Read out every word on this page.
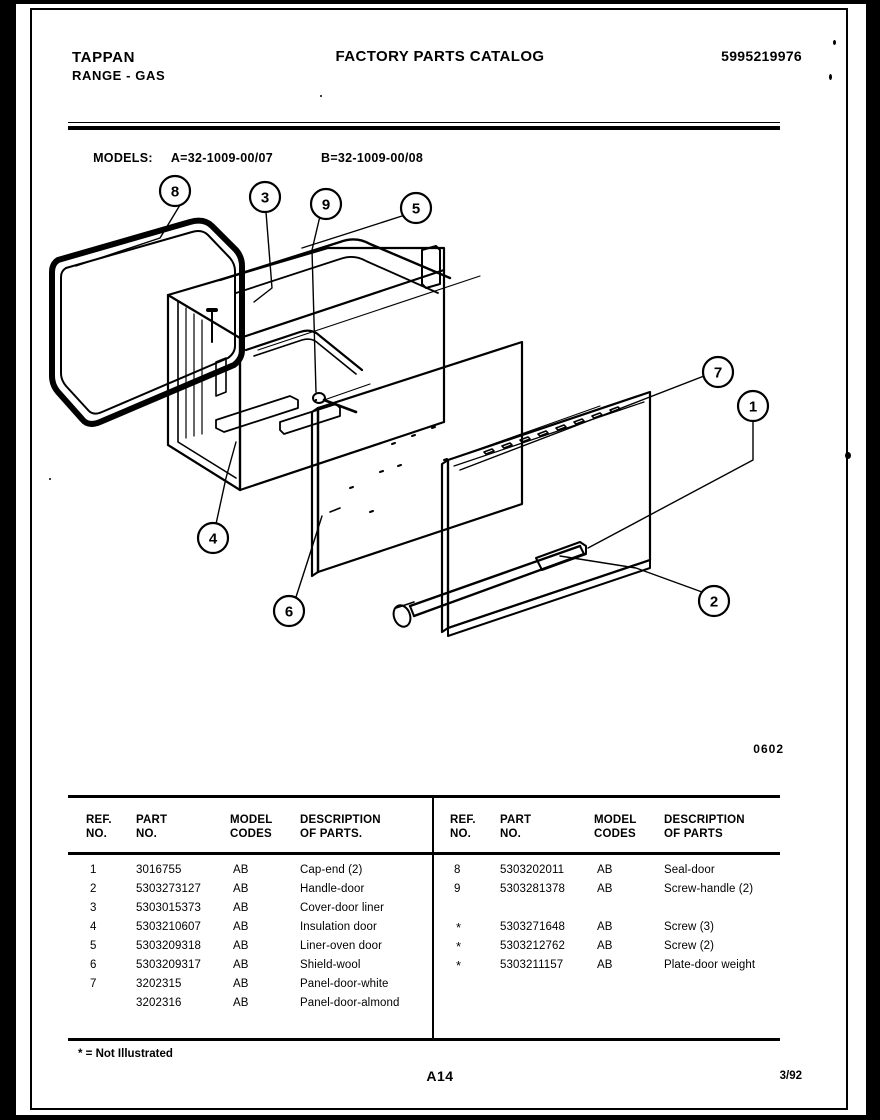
TAPPAN
RANGE - GAS
FACTORY PARTS CATALOG	5995219976

MODELS: A=32-1009-00/07	B=32-1009-00/08

8	3	9	5
7
1
4
6
2
0602
REF.
NO.
PART
NO.
MODEL
CODES
DESCRIPTION
OF PARTS.
1	3016755	AB	Cap-end (2)
2	5303273127	AB	Handle-door
3	5303015373	AB	Cover-door liner
4	5303210607	AB	Insulation door
5	5303209318	AB	Liner-oven door
6	5303209317	AB	Shield-wool
7	3202315	AB	Panel-door-white
3202316	AB	Panel-door-almond
REF.
NO.
PART
NO.
MODEL
CODES
DESCRIPTION
OF PARTS
8	5303202011	AB	Seal-door
9	5303281378	AB	Screw-handle (2)
*	5303271648	AB	Screw (3)
*	5303212762	AB	Screw (2)
*	5303211157	AB	Plate-door weight
* = Not Illustrated
A14	3/92
